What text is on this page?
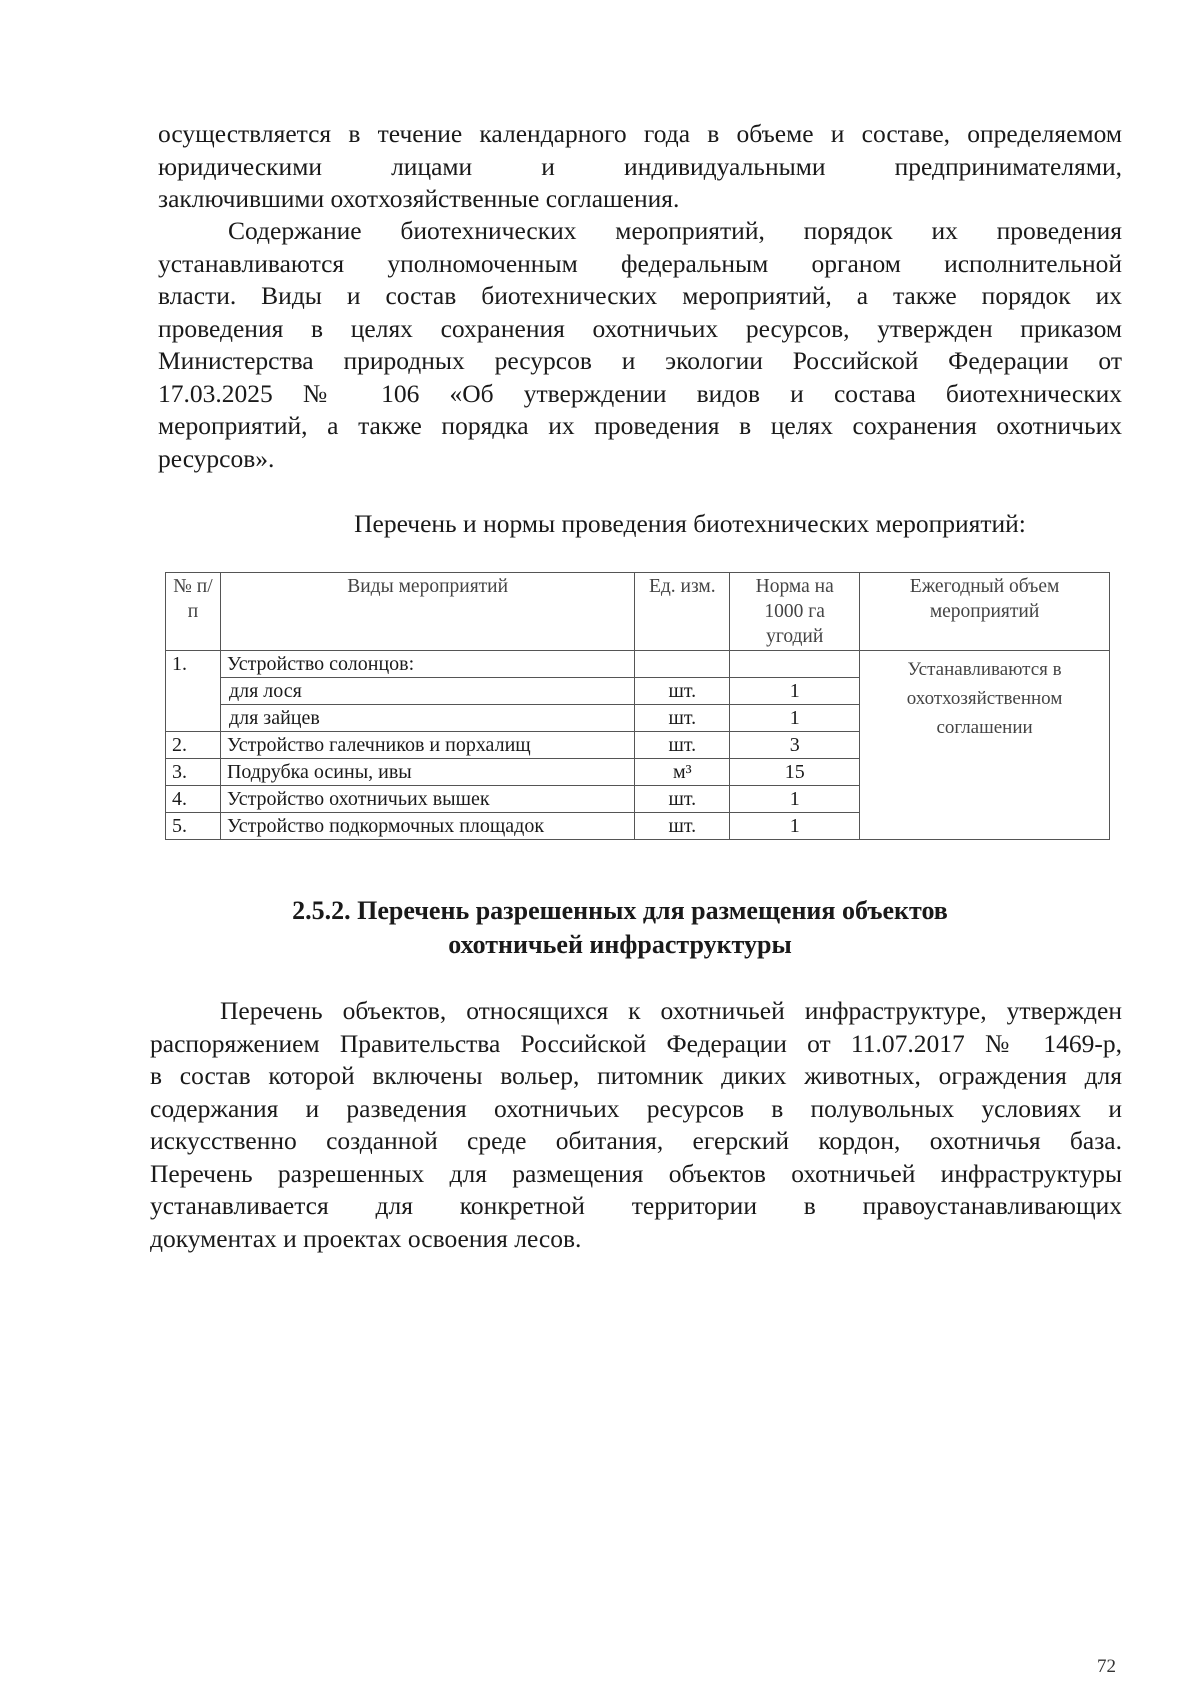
осуществляется в течение календарного года в объеме и составе, определяемом
юридическими лицами и индивидуальными предпринимателями,
заключившими охотхозяйственные соглашения.

Содержание биотехнических мероприятий, порядок их проведения
устанавливаются уполномоченным федеральным органом исполнительной
власти. Виды и состав биотехнических мероприятий, а также порядок их
проведения в целях сохранения охотничьих ресурсов, утвержден приказом
Министерства природных ресурсов и экологии Российской Федерации от
17.03.2025 № 106 «Об утверждении видов и состава биотехнических
мероприятий, а также порядка их проведения в целях сохранения охотничьих
ресурсов».

Перечень и нормы проведения биотехнических мероприятий:

№ п/п	Виды мероприятий	Ед. изм.	Норма на 1000 га угодий	Ежегодный объем мероприятий
1.	Устройство солонцов:			Устанавливаются в охотхозяйственном соглашении
	для лося	шт.	1	
	для зайцев	шт.	1	
2.	Устройство галечников и порхалищ	шт.	3	
3.	Подрубка осины, ивы	м³	15	
4.	Устройство охотничьих вышек	шт.	1	
5.	Устройство подкормочных площадок	шт.	1	
2.5.2. Перечень разрешенных для размещения объектов
охотничьей инфраструктуры

Перечень объектов, относящихся к охотничьей инфраструктуре, утвержден
распоряжением Правительства Российской Федерации от 11.07.2017 № 1469-р,
в состав которой включены вольер, питомник диких животных, ограждения для
содержания и разведения охотничьих ресурсов в полувольных условиях и
искусственно созданной среде обитания, егерский кордон, охотничья база.
Перечень разрешенных для размещения объектов охотничьей инфраструктуры
устанавливается для конкретной территории в правоустанавливающих
документах и проектах освоения лесов.

72
